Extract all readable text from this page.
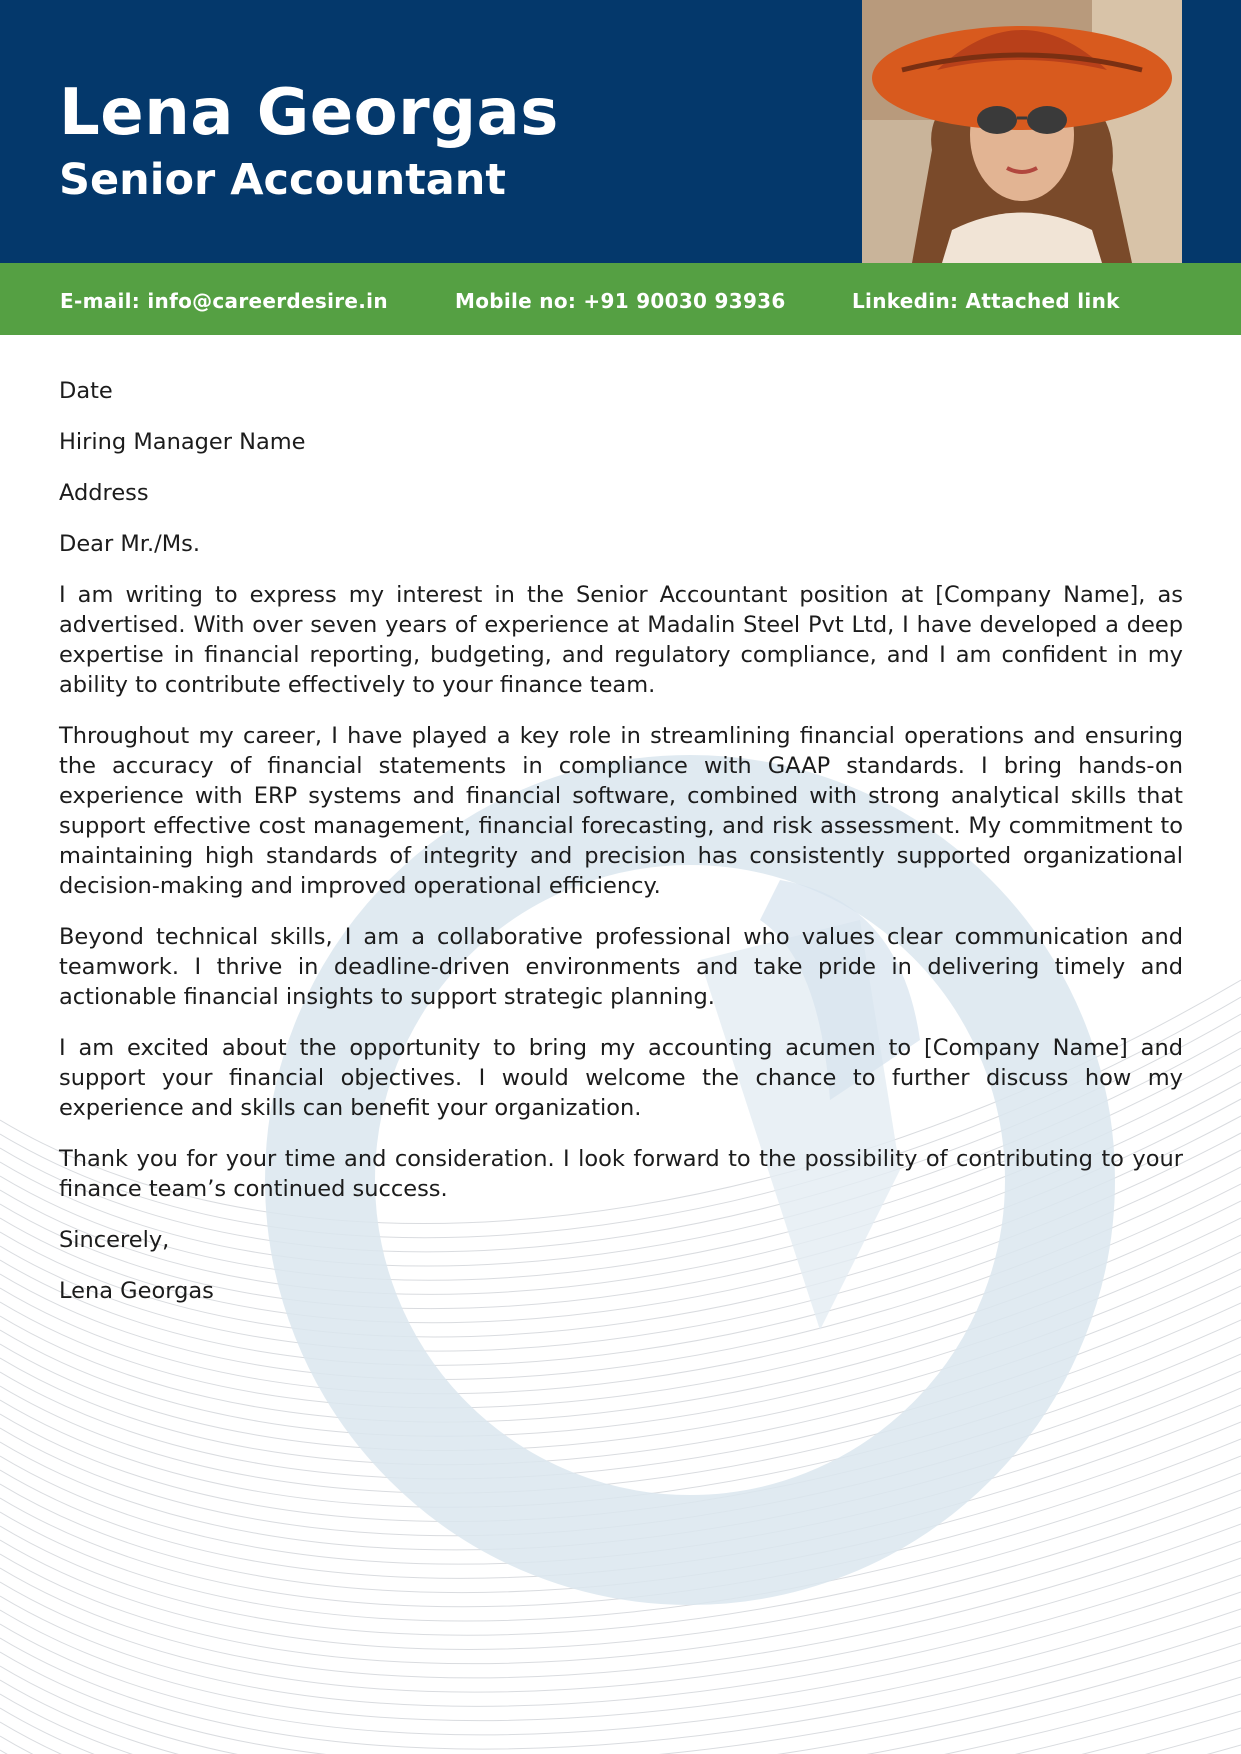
Lena Georgas
Senior Accountant
E-mail: info@careerdesire.in	Mobile no: +91 90030 93936	Linkedin: Attached link

Date

Hiring Manager Name

Address

Dear Mr./Ms.

I am writing to express my interest in the Senior Accountant position at [Company Name], as advertised. With over seven years of experience at Madalin Steel Pvt Ltd, I have developed a deep expertise in financial reporting, budgeting, and regulatory compliance, and I am confident in my ability to contribute effectively to your finance team.

Throughout my career, I have played a key role in streamlining financial operations and ensuring the accuracy of financial statements in compliance with GAAP standards. I bring hands-on experience with ERP systems and financial software, combined with strong analytical skills that support effective cost management, financial forecasting, and risk assessment. My commitment to maintaining high standards of integrity and precision has consistently supported organizational decision-making and improved operational efficiency.

Beyond technical skills, I am a collaborative professional who values clear communication and teamwork. I thrive in deadline-driven environments and take pride in delivering timely and actionable financial insights to support strategic planning.

I am excited about the opportunity to bring my accounting acumen to [Company Name] and support your financial objectives. I would welcome the chance to further discuss how my experience and skills can benefit your organization.

Thank you for your time and consideration. I look forward to the possibility of contributing to your finance team’s continued success.

Sincerely,

Lena Georgas
